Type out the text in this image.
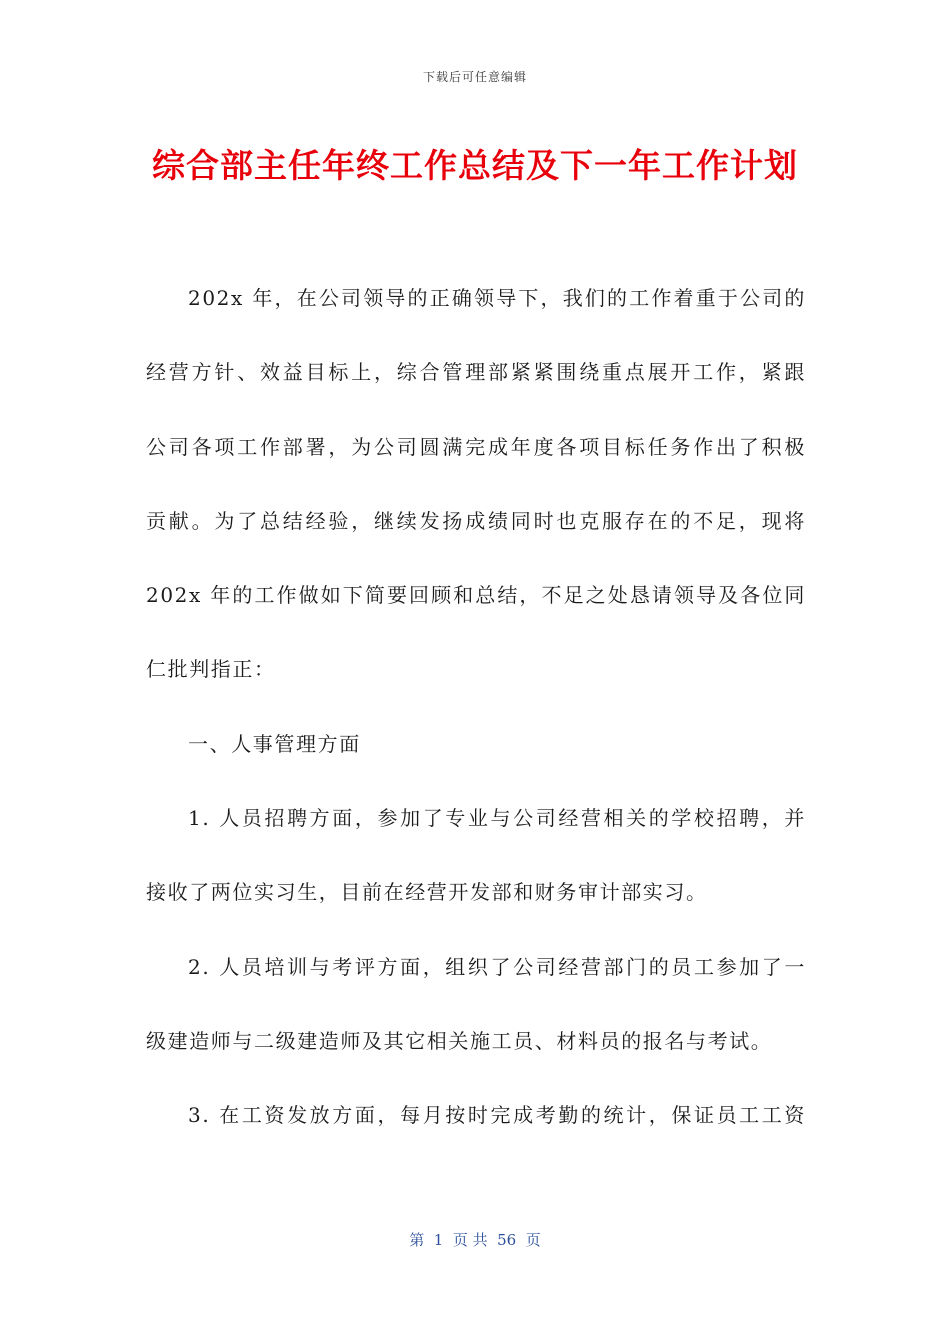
下载后可任意编辑
综合部主任年终工作总结及下一年工作计划
202x 年，在公司领导的正确领导下，我们的工作着重于公司的
经营方针、效益目标上，综合管理部紧紧围绕重点展开工作，紧跟
公司各项工作部署，为公司圆满完成年度各项目标任务作出了积极
贡献。为了总结经验，继续发扬成绩同时也克服存在的不足，现将
202x 年的工作做如下简要回顾和总结，不足之处恳请领导及各位同
仁批判指正：
一、人事管理方面
1. 人员招聘方面，参加了专业与公司经营相关的学校招聘，并
接收了两位实习生，目前在经营开发部和财务审计部实习。
2. 人员培训与考评方面，组织了公司经营部门的员工参加了一
级建造师与二级建造师及其它相关施工员、材料员的报名与考试。
3. 在工资发放方面，每月按时完成考勤的统计，保证员工工资
第  1  页 共  56  页
